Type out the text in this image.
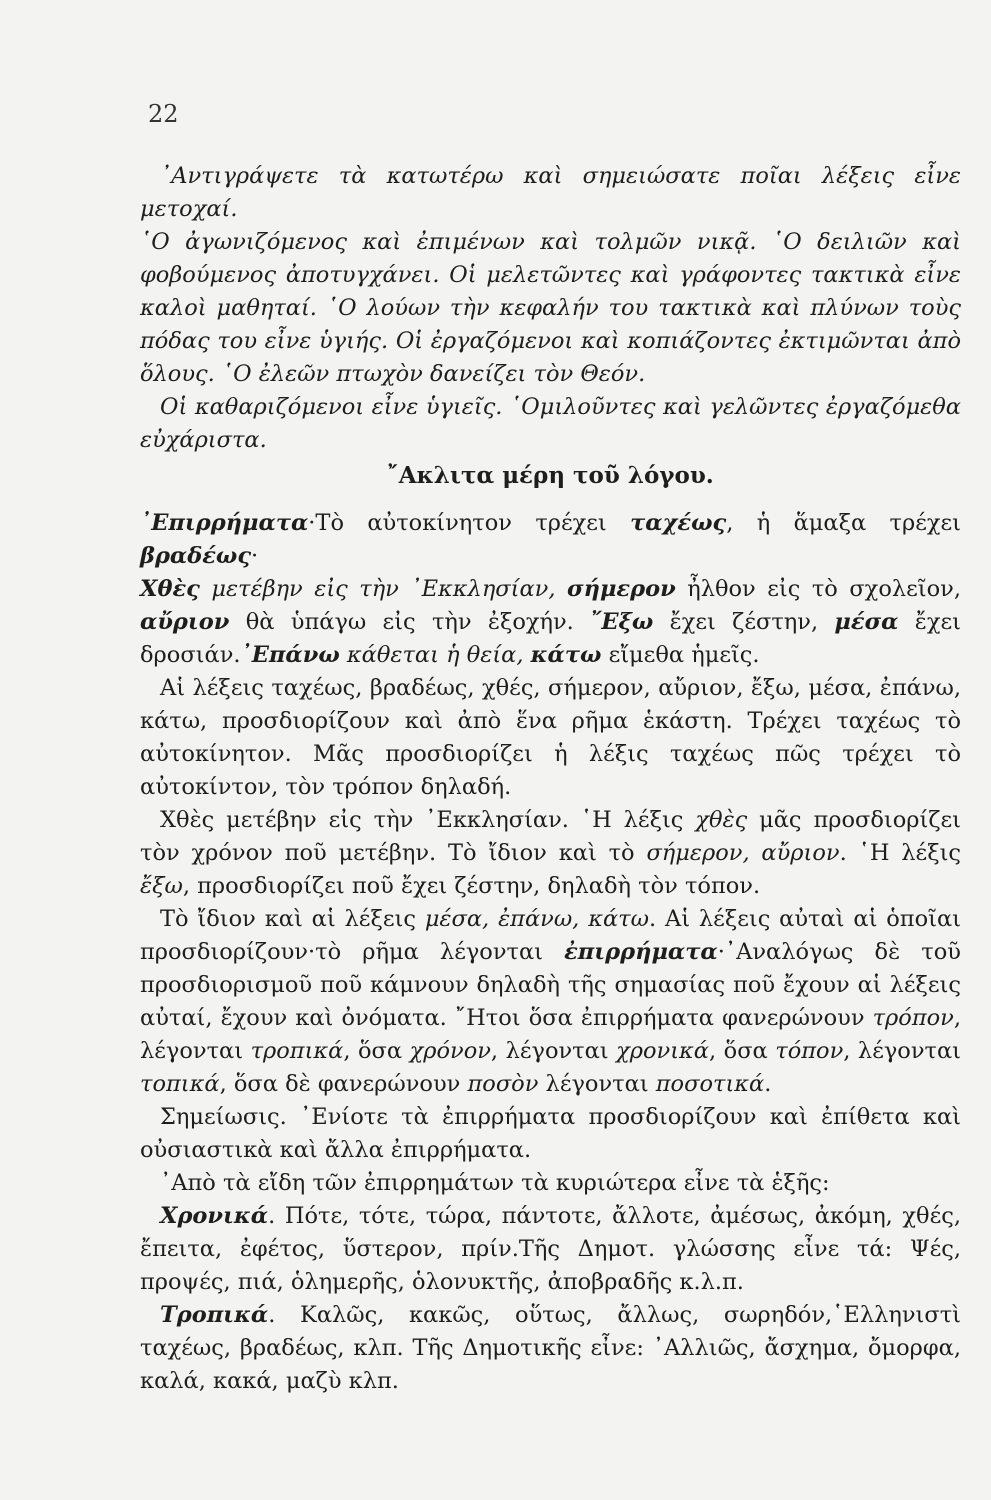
22

᾿Αντιγράψετε τὰ κατωτέρω καὶ σημειώσατε ποῖαι λέξεις εἶνε μετοχαί.

῾Ο ἀγωνιζόμενος καὶ ἐπιμένων καὶ τολμῶν νικᾷ. ῾Ο δειλιῶν καὶ φοβούμενος ἀποτυγχάνει. Οἱ μελετῶντες καὶ γράφοντες τακτικὰ εἶνε καλοὶ μαθηταί. ῾Ο λούων τὴν κεφαλήν του τακτικὰ καὶ πλύνων τοὺς πόδας του εἶνε ὑγιής. Οἱ ἐργαζόμενοι καὶ κοπιάζοντες ἐκτιμῶνται ἀπὸ ὅλους. ῾Ο ἐλεῶν πτωχὸν δανείζει τὸν Θεόν.

Οἱ καθαριζόμενοι εἶνε ὑγιεῖς. ῾Ομιλοῦντες καὶ γελῶντες ἐργαζόμεθα εὐχάριστα.

῎Ακλιτα μέρη τοῦ λόγου.

᾿Επιρρήματα·Τὸ αὐτοκίνητον τρέχει ταχέως, ἡ ἅμαξα τρέχει βραδέως·

Χθὲς μετέβην εἰς τὴν ᾿Εκκλησίαν, σήμερον ἦλθον εἰς τὸ σχολεῖον, αὔριον θὰ ὑπάγω εἰς τὴν ἐξοχήν. ῎Εξω ἔχει ζέστην, μέσα ἔχει δροσιάν.᾿Επάνω κάθεται ἡ θεία, κάτω εἴμεθα ἡμεῖς.

Αἱ λέξεις ταχέως, βραδέως, χθές, σήμερον, αὔριον, ἔξω, μέσα, ἐπάνω, κάτω, προσδιορίζουν καὶ ἀπὸ ἕνα ρῆμα ἑκάστη. Τρέχει ταχέως τὸ αὐτοκίνητον. Μᾶς προσδιορίζει ἡ λέξις ταχέως πῶς τρέχει τὸ αὐτοκίντον, τὸν τρόπον δηλαδή.

Χθὲς μετέβην εἰς τὴν ᾿Εκκλησίαν. ῾Η λέξις χθὲς μᾶς προσδιορίζει τὸν χρόνον ποῦ μετέβην. Τὸ ἴδιον καὶ τὸ σήμερον, αὔριον. ῾Η λέξις ἔξω, προσδιορίζει ποῦ ἔχει ζέστην, δηλαδὴ τὸν τόπον.

Τὸ ἴδιον καὶ αἱ λέξεις μέσα, ἐπάνω, κάτω. Αἱ λέξεις αὐταὶ αἱ ὁποῖαι προσδιορίζουν·τὸ ρῆμα λέγονται ἐπιρρήματα·᾿Αναλόγως δὲ τοῦ προσδιορισμοῦ ποῦ κάμνουν δηλαδὴ τῆς σημασίας ποῦ ἔχουν αἱ λέξεις αὐταί, ἔχουν καὶ ὀνόματα. ῎Ητοι ὅσα ἐπιρρήματα φανερώνουν τρόπον, λέγονται τροπικά, ὅσα χρόνον, λέγονται χρονικά, ὅσα τόπον, λέγονται τοπικά, ὅσα δὲ φανερώνουν ποσὸν λέγονται ποσοτικά.

Σημείωσις. ᾿Ενίοτε τὰ ἐπιρρήματα προσδιορίζουν καὶ ἐπίθετα καὶ οὐσιαστικὰ καὶ ἄλλα ἐπιρρήματα.

᾿Απὸ τὰ εἴδη τῶν ἐπιρρημάτων τὰ κυριώτερα εἶνε τὰ ἑξῆς:

Χρονικά. Πότε, τότε, τώρα, πάντοτε, ἄλλοτε, ἀμέσως, ἀκόμη, χθές, ἔπειτα, ἐφέτος, ὕστερον, πρίν.Τῆς Δημοτ. γλώσσης εἶνε τά: Ψές, προψές, πιά, ὁλημερῆς, ὁλονυκτῆς, ἀποβραδῆς κ.λ.π.

Τροπικά. Καλῶς, κακῶς, οὕτως, ἄλλως, σωρηδόν,῾Ελληνιστὶ ταχέως, βραδέως, κλπ. Τῆς Δημοτικῆς εἶνε: ᾿Αλλιῶς, ἄσχημα, ὄμορφα, καλά, κακά, μαζὺ κλπ.
